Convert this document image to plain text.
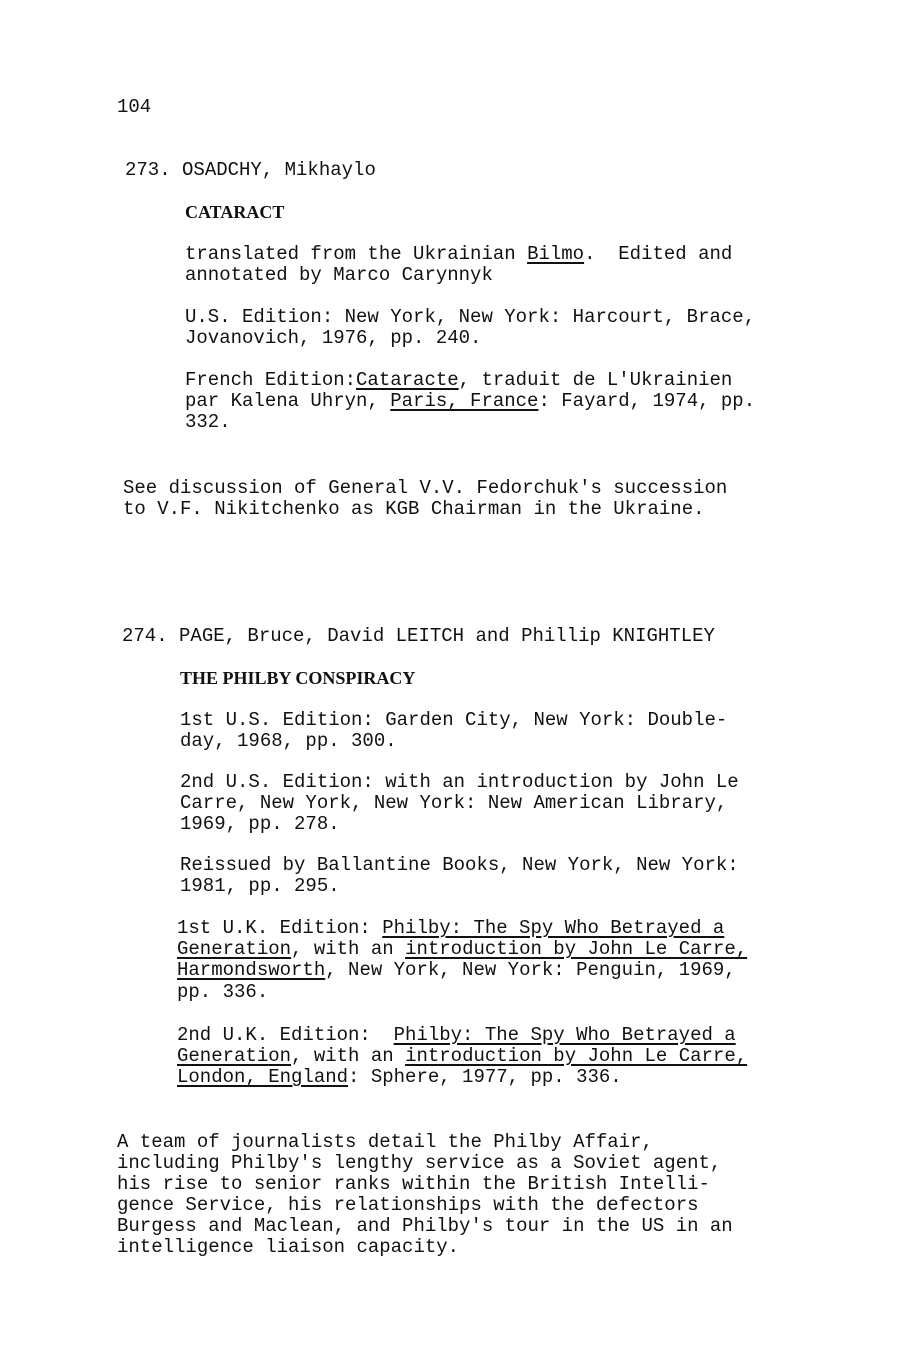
104
273. OSADCHY, Mikhaylo
CATARACT
translated from the Ukrainian Bilmo.  Edited and
annotated by Marco Carynnyk
U.S. Edition: New York, New York: Harcourt, Brace,
Jovanovich, 1976, pp. 240.
French Edition:Cataracte, traduit de L'Ukrainien
par Kalena Uhryn, Paris, France: Fayard, 1974, pp.
332.
See discussion of General V.V. Fedorchuk's succession
to V.F. Nikitchenko as KGB Chairman in the Ukraine.
274. PAGE, Bruce, David LEITCH and Phillip KNIGHTLEY
THE PHILBY CONSPIRACY
1st U.S. Edition: Garden City, New York: Double-
day, 1968, pp. 300.
2nd U.S. Edition: with an introduction by John Le
Carre, New York, New York: New American Library,
1969, pp. 278.
Reissued by Ballantine Books, New York, New York:
1981, pp. 295.
1st U.K. Edition: Philby: The Spy Who Betrayed a
Generation, with an introduction by John Le Carre,
Harmondsworth, New York, New York: Penguin, 1969,
pp. 336.
2nd U.K. Edition:  Philby: The Spy Who Betrayed a
Generation, with an introduction by John Le Carre,
London, England: Sphere, 1977, pp. 336.
A team of journalists detail the Philby Affair,
including Philby's lengthy service as a Soviet agent,
his rise to senior ranks within the British Intelli-
gence Service, his relationships with the defectors
Burgess and Maclean, and Philby's tour in the US in an
intelligence liaison capacity.
